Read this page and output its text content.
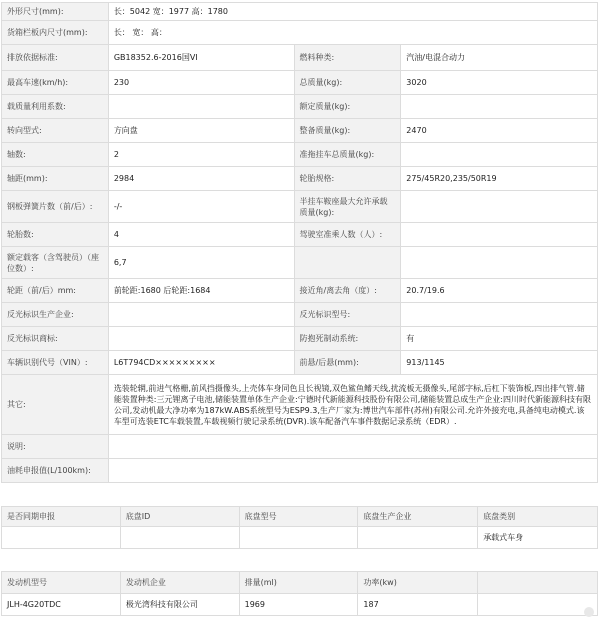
外形尺寸(mm):	长：5042 宽：1977 高：1780		
货箱栏板内尺寸(mm):	长： 宽： 高：		
排放依据标准:	GB18352.6-2016国VI	燃料种类:	汽油/电混合动力
最高车速(km/h):	230	总质量(kg):	3020
载质量利用系数:		额定质量(kg):	
转向型式:	方向盘	整备质量(kg):	2470
轴数:	2	准拖挂车总质量(kg):	
轴距(mm):	2984	轮胎规格:	275/45R20,235/50R19
钢板弹簧片数（前/后）:	-/-	半挂车鞍座最大允许承载质量(kg):	
轮胎数:	4	驾驶室准乘人数（人）:	
额定载客（含驾驶员）（座位数）:	6,7		
轮距（前/后）mm:	前轮距:1680 后轮距:1684	接近角/离去角（度）:	20.7/19.6
反光标识生产企业:		反光标识型号:	
反光标识商标:		防抱死制动系统:	有
车辆识别代号（VIN）:	L6T794CD×××××××××	前悬/后悬(mm):	913/1145
其它:	选装轮辋,前进气格栅,前风挡摄像头,上壳体车身同色且长视镜,双色鲨鱼鳍天线,扰流板无摄像头,尾部字标,后杠下装饰板,四出排气管.储能装置种类:三元锂离子电池,储能装置单体生产企业:宁德时代新能源科技股份有限公司,储能装置总成生产企业:四川时代新能源科技有限公司,发动机最大净功率为187kW.ABS系统型号为ESP9.3,生产厂家为:博世汽车部件(苏州)有限公司.允许外接充电,具备纯电动模式.该车型可选装ETC车载装置,车载视频行驶记录系统(DVR).该车配备汽车事件数据记录系统（EDR）.		
说明:			
油耗申报值(L/100km):			
是否同期申报	底盘ID	底盘型号	底盘生产企业	底盘类别
				承载式车身
发动机型号	发动机企业	排量(ml)	功率(kw)	
JLH-4G20TDC	极光湾科技有限公司	1969	187	
